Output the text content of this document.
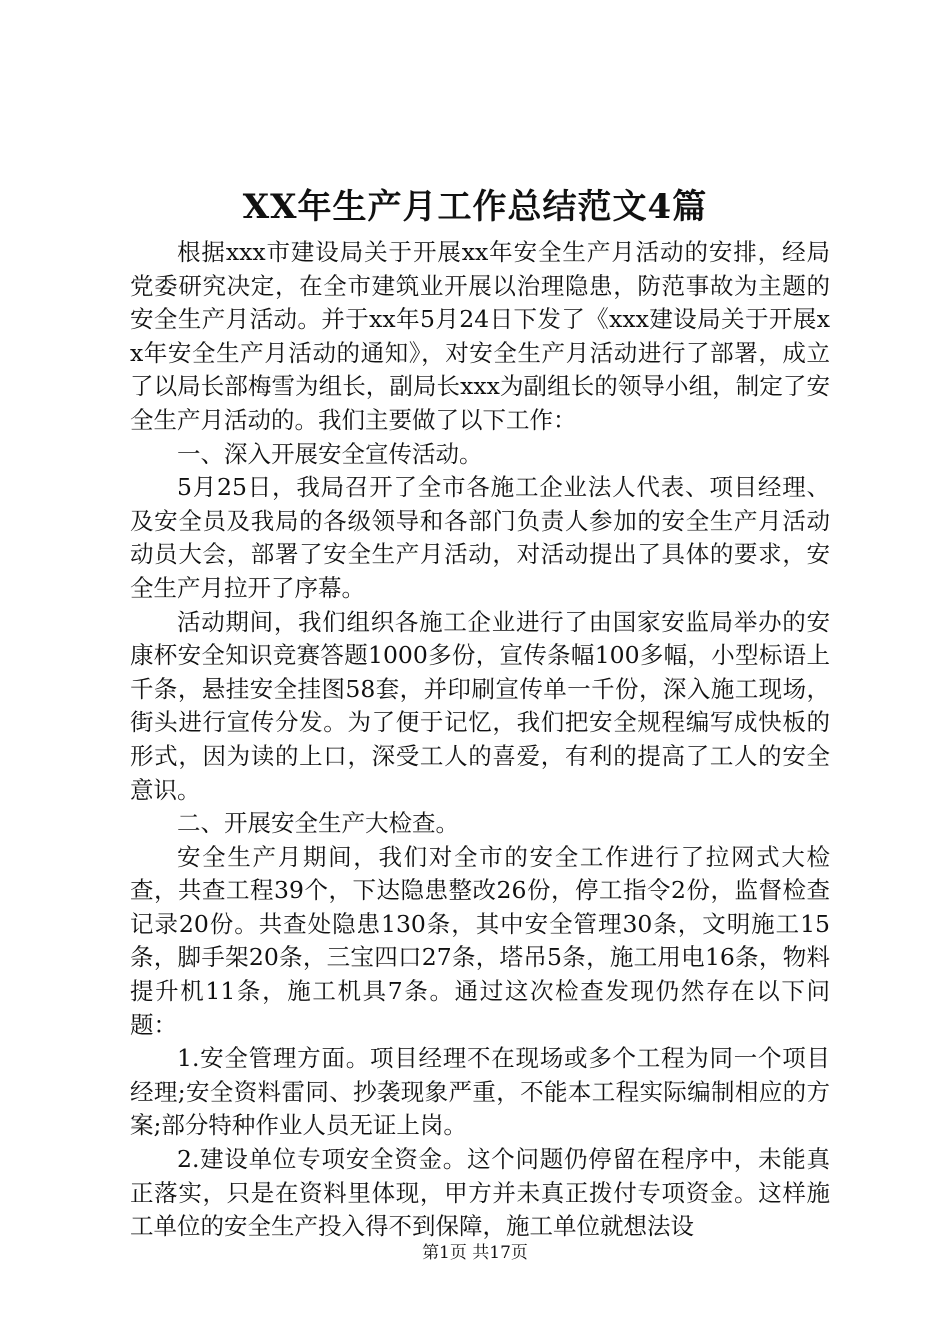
XX年生产月工作总结范文4篇

根据xxx市建设局关于开展xx年安全生产月活动的安排，经局党委研究决定，在全市建筑业开展以治理隐患，防范事故为主题的安全生产月活动。并于xx年5月24日下发了《xxx建设局关于开展xx年安全生产月活动的通知》，对安全生产月活动进行了部署，成立了以局长部梅雪为组长，副局长xxx为副组长的领导小组，制定了安全生产月活动的。我们主要做了以下工作：

一、深入开展安全宣传活动。

5月25日，我局召开了全市各施工企业法人代表、项目经理、及安全员及我局的各级领导和各部门负责人参加的安全生产月活动动员大会，部署了安全生产月活动，对活动提出了具体的要求，安全生产月拉开了序幕。

活动期间，我们组织各施工企业进行了由国家安监局举办的安康杯安全知识竞赛答题1000多份，宣传条幅100多幅，小型标语上千条，悬挂安全挂图58套，并印刷宣传单一千份，深入施工现场，街头进行宣传分发。为了便于记忆，我们把安全规程编写成快板的形式，因为读的上口，深受工人的喜爱，有利的提高了工人的安全意识。

二、开展安全生产大检查。

安全生产月期间，我们对全市的安全工作进行了拉网式大检查，共查工程39个，下达隐患整改26份，停工指令2份，监督检查记录20份。共查处隐患130条，其中安全管理30条，文明施工15条，脚手架20条，三宝四口27条，塔吊5条，施工用电16条，物料提升机11条，施工机具7条。通过这次检查发现仍然存在以下问题：

1.安全管理方面。项目经理不在现场或多个工程为同一个项目经理;安全资料雷同、抄袭现象严重，不能本工程实际编制相应的方案;部分特种作业人员无证上岗。

2.建设单位专项安全资金。这个问题仍停留在程序中，未能真正落实，只是在资料里体现，甲方并未真正拨付专项资金。这样施工单位的安全生产投入得不到保障，施工单位就想法设

第1页 共17页
